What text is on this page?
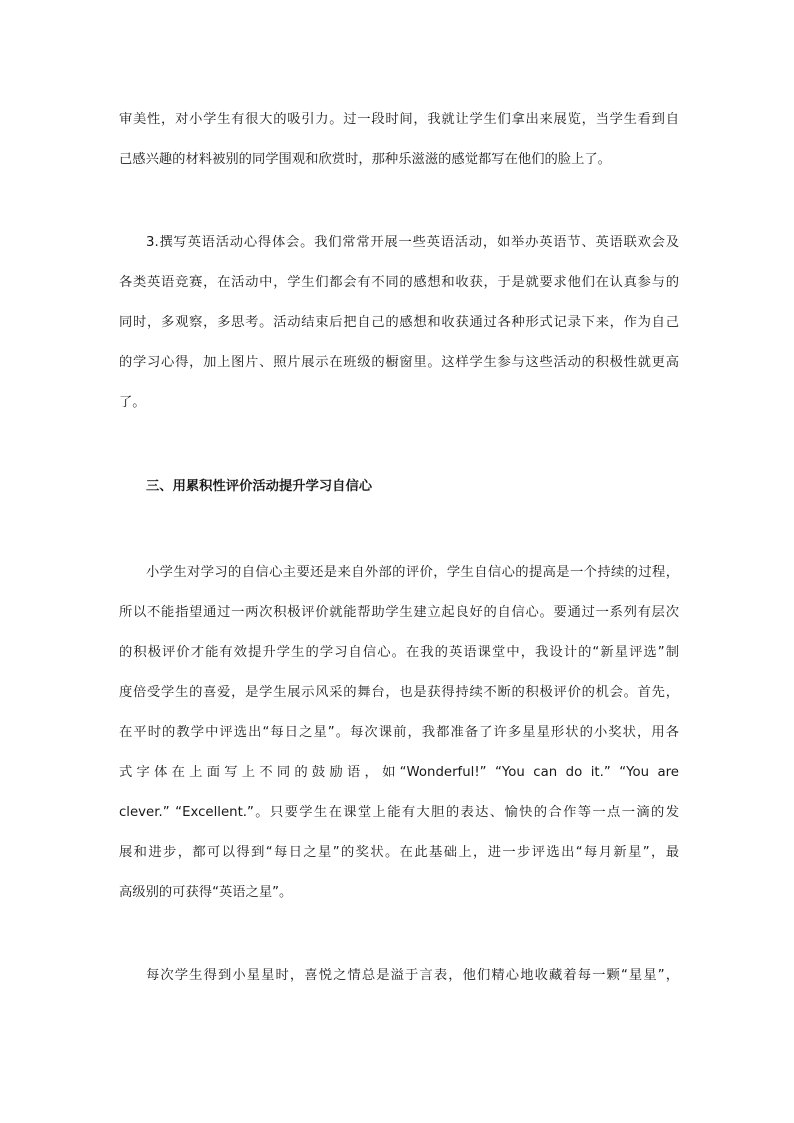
审美性，对小学生有很大的吸引力。过一段时间，我就让学生们拿出来展览，当学生看到自
己感兴趣的材料被别的同学围观和欣赏时，那种乐滋滋的感觉都写在他们的脸上了。
3.撰写英语活动心得体会。我们常常开展一些英语活动，如举办英语节、英语联欢会及
各类英语竞赛，在活动中，学生们都会有不同的感想和收获，于是就要求他们在认真参与的
同时，多观察，多思考。活动结束后把自己的感想和收获通过各种形式记录下来，作为自己
的学习心得，加上图片、照片展示在班级的橱窗里。这样学生参与这些活动的积极性就更高
了。
三、用累积性评价活动提升学习自信心
小学生对学习的自信心主要还是来自外部的评价，学生自信心的提高是一个持续的过程，
所以不能指望通过一两次积极评价就能帮助学生建立起良好的自信心。要通过一系列有层次
的积极评价才能有效提升学生的学习自信心。在我的英语课堂中，我设计的“新星评选”制
度倍受学生的喜爱，是学生展示风采的舞台，也是获得持续不断的积极评价的机会。首先，
在平时的教学中评选出“每日之星”。每次课前，我都准备了许多星星形状的小奖状，用各
式字体在上面写上不同的鼓励语，如“Wonderful!” “You can do it.” “You are
clever.” “Excellent.”。只要学生在课堂上能有大胆的表达、愉快的合作等一点一滴的发
展和进步，都可以得到“每日之星”的奖状。在此基础上，进一步评选出“每月新星”，最
高级别的可获得“英语之星”。
每次学生得到小星星时，喜悦之情总是溢于言表，他们精心地收藏着每一颗“星星”，
